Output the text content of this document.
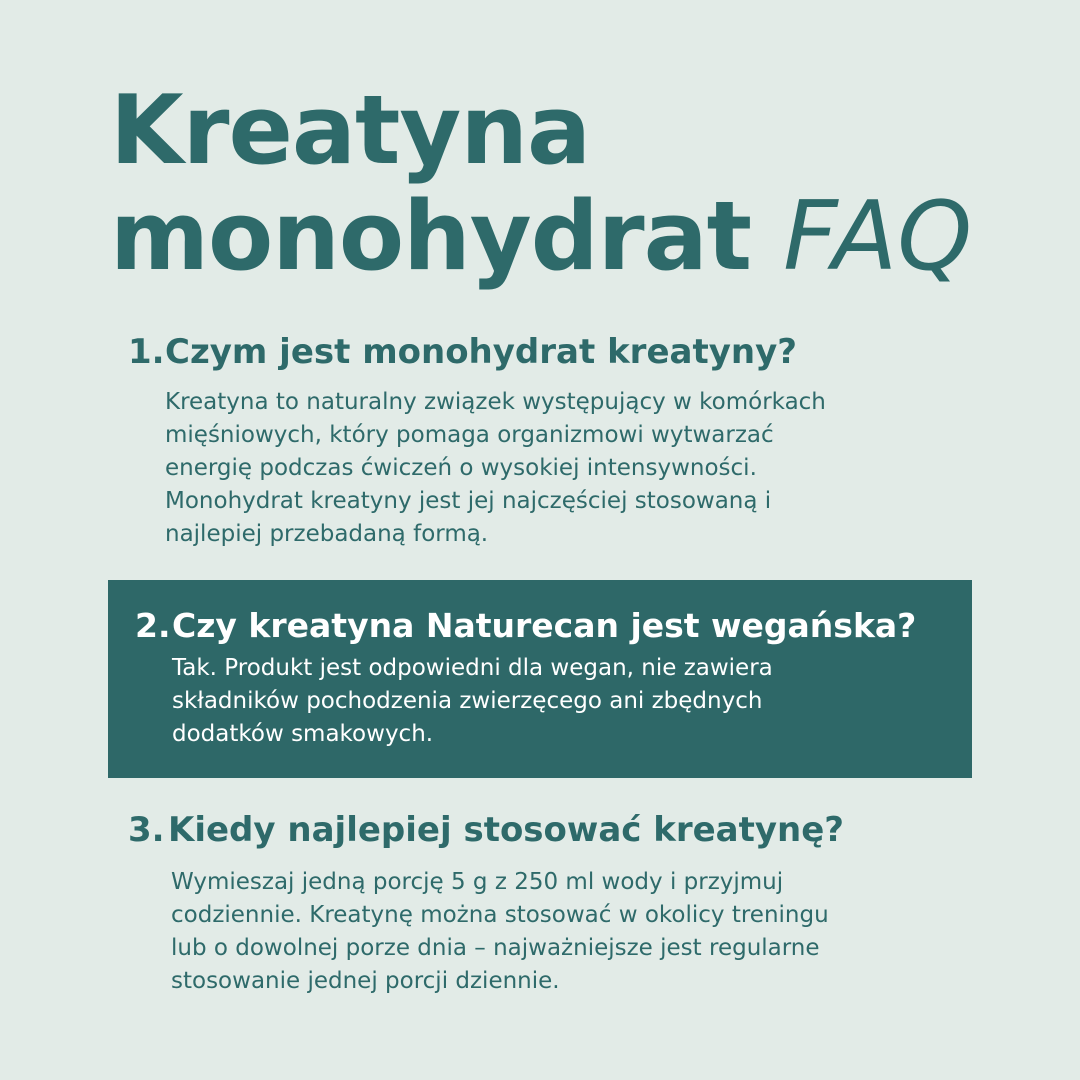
Kreatyna
monohydrat FAQ
1. Czym jest monohydrat kreatyny?

Kreatyna to naturalny związek występujący w komórkach
mięśniowych, który pomaga organizmowi wytwarzać
energię podczas ćwiczeń o wysokiej intensywności.
Monohydrat kreatyny jest jej najczęściej stosowaną i
najlepiej przebadaną formą.

2. Czy kreatyna Naturecan jest wegańska?

Tak. Produkt jest odpowiedni dla wegan, nie zawiera
składników pochodzenia zwierzęcego ani zbędnych
dodatków smakowych.

3. Kiedy najlepiej stosować kreatynę?

Wymieszaj jedną porcję 5 g z 250 ml wody i przyjmuj
codziennie. Kreatynę można stosować w okolicy treningu
lub o dowolnej porze dnia – najważniejsze jest regularne
stosowanie jednej porcji dziennie.
